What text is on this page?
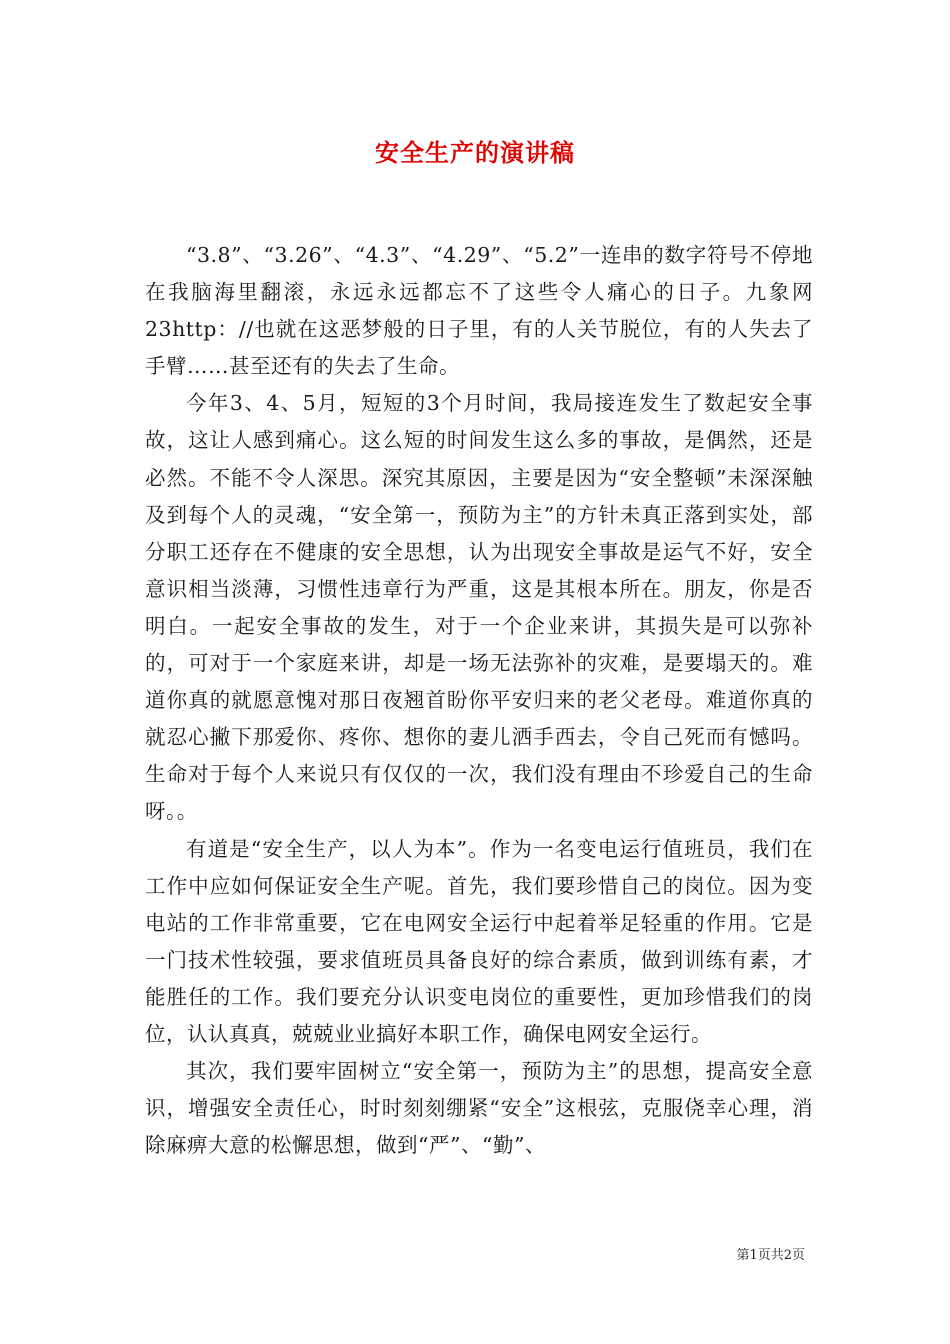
安全生产的演讲稿

“3.8”、“3.26”、“4.3”、“4.29”、“5.2”一连串的数字符号不停地在我脑海里翻滚，永远永远都忘不了这些令人痛心的日子。九象网23http：//也就在这恶梦般的日子里，有的人关节脱位，有的人失去了手臂……甚至还有的失去了生命。

今年3、4、5月，短短的3个月时间，我局接连发生了数起安全事故，这让人感到痛心。这么短的时间发生这么多的事故，是偶然，还是必然。不能不令人深思。深究其原因，主要是因为“安全整顿”未深深触及到每个人的灵魂，“安全第一，预防为主”的方针未真正落到实处，部分职工还存在不健康的安全思想，认为出现安全事故是运气不好，安全意识相当淡薄，习惯性违章行为严重，这是其根本所在。朋友，你是否明白。一起安全事故的发生，对于一个企业来讲，其损失是可以弥补的，可对于一个家庭来讲，却是一场无法弥补的灾难，是要塌天的。难道你真的就愿意愧对那日夜翘首盼你平安归来的老父老母。难道你真的就忍心撇下那爱你、疼你、想你的妻儿洒手西去，令自己死而有憾吗。生命对于每个人来说只有仅仅的一次，我们没有理由不珍爱自己的生命呀。。

有道是“安全生产，以人为本”。作为一名变电运行值班员，我们在工作中应如何保证安全生产呢。首先，我们要珍惜自己的岗位。因为变电站的工作非常重要，它在电网安全运行中起着举足轻重的作用。它是一门技术性较强，要求值班员具备良好的综合素质，做到训练有素，才能胜任的工作。我们要充分认识变电岗位的重要性，更加珍惜我们的岗位，认认真真，兢兢业业搞好本职工作，确保电网安全运行。

其次，我们要牢固树立“安全第一，预防为主”的思想，提高安全意识，增强安全责任心，时时刻刻绷紧“安全”这根弦，克服侥幸心理，消除麻痹大意的松懈思想，做到“严”、“勤”、

第1页共2页
